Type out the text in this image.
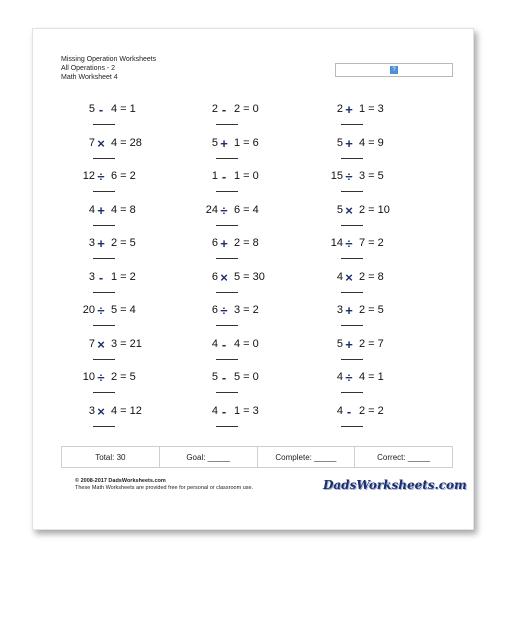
Missing Operation Worksheets
All Operations - 2
Math Worksheet 4
?
5 - 4 = 1	2 - 2 = 0	2 + 1 = 3
7 × 4 = 28	5 + 1 = 6	5 + 4 = 9
12 ÷ 6 = 2	1 - 1 = 0	15 ÷ 3 = 5
4 + 4 = 8	24 ÷ 6 = 4	5 × 2 = 10
3 + 2 = 5	6 + 2 = 8	14 ÷ 7 = 2
3 - 1 = 2	6 × 5 = 30	4 × 2 = 8
20 ÷ 5 = 4	6 ÷ 3 = 2	3 + 2 = 5
7 × 3 = 21	4 - 4 = 0	5 + 2 = 7
10 ÷ 2 = 5	5 - 5 = 0	4 ÷ 4 = 1
3 × 4 = 12	4 - 1 = 3	4 - 2 = 2
Total: 30	Goal: _____	Complete: _____	Correct: _____
© 2008-2017 DadsWorksheets.com
These Math Worksheets are provided free for personal or classroom use.	DadsWorksheets.com
